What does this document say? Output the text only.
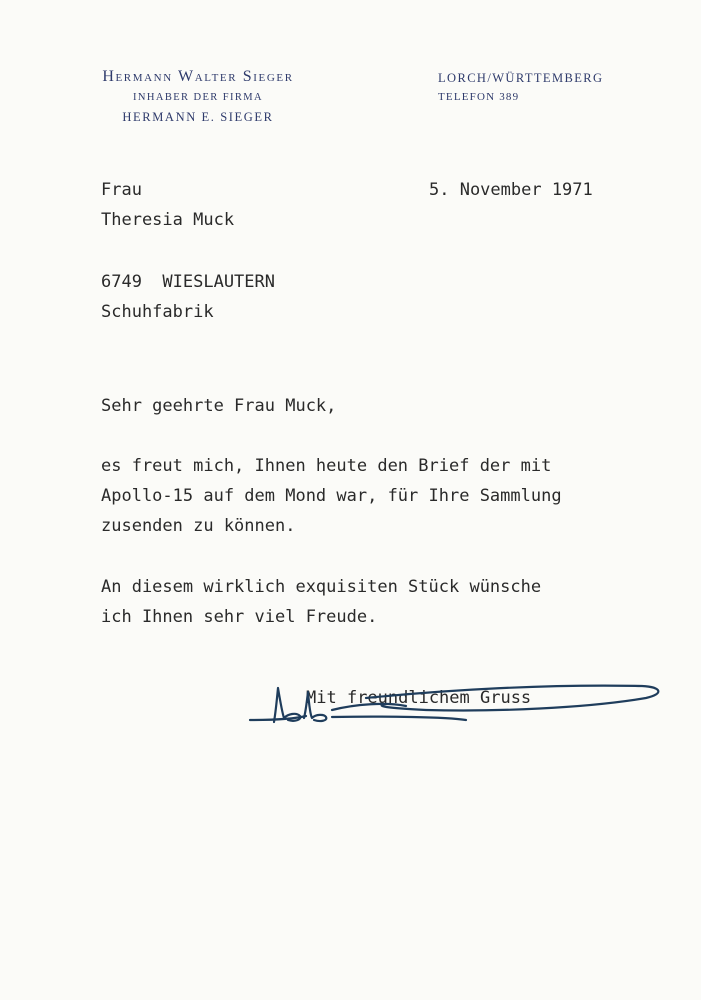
Hermann Walter Sieger
INHABER DER FIRMA
HERMANN E. SIEGER
LORCH/WÜRTTEMBERG
TELEFON 389
Frau	5. November 1971
Theresia Muck
6749  WIESLAUTERN
Schuhfabrik
Sehr geehrte Frau Muck,
es freut mich, Ihnen heute den Brief der mit
Apollo-15 auf dem Mond war, für Ihre Sammlung
zusenden zu können.
An diesem wirklich exquisiten Stück wünsche
ich Ihnen sehr viel Freude.
Mit freundlichem Gruss
